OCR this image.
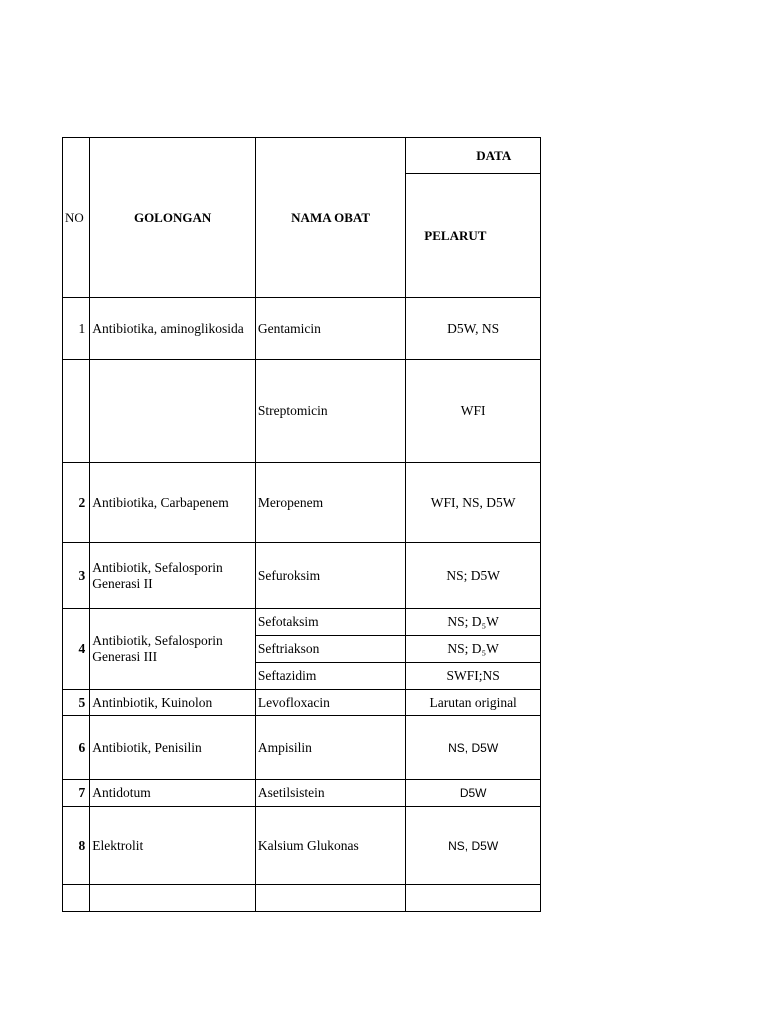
NO	GOLONGAN	NAMA OBAT	DATA
			PELARUT
1	Antibiotika, aminoglikosida	Gentamicin	D5W, NS
		Streptomicin	WFI
2	Antibiotika, Carbapenem	Meropenem	WFI, NS, D5W
3	Antibiotik, Sefalosporin Generasi II	Sefuroksim	NS; D5W
4	Antibiotik, Sefalosporin Generasi III	Sefotaksim	NS; D₅W
		Seftriakson	NS; D₅W
		Seftazidim	SWFI;NS
5	Antinbiotik, Kuinolon	Levofloxacin	Larutan original
6	Antibiotik, Penisilin	Ampisilin	NS, D5W
7	Antidotum	Asetilsistein	D5W
8	Elektrolit	Kalsium Glukonas	NS, D5W
